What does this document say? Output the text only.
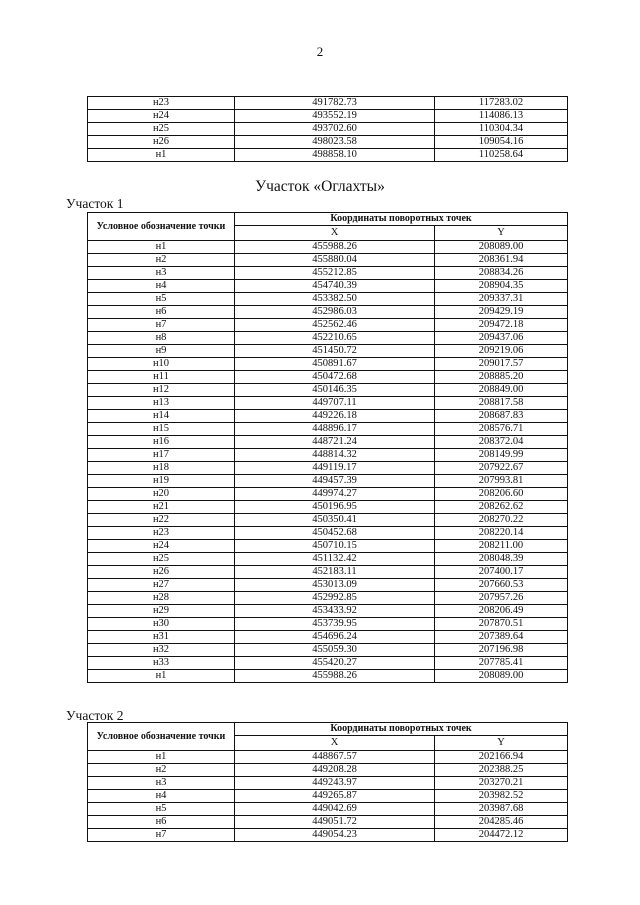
2
н23	491782.73	117283.02
н24	493552.19	114086.13
н25	493702.60	110304.34
н26	498023.58	109054.16
н1	498858.10	110258.64
Участок «Оглахты»
Участок 1
Условное обозначение точки	Координаты поворотных точек	
	X	Y
н1	455988.26	208089.00
н2	455880.04	208361.94
н3	455212.85	208834.26
н4	454740.39	208904.35
н5	453382.50	209337.31
н6	452986.03	209429.19
н7	452562.46	209472.18
н8	452210.65	209437.06
н9	451450.72	209219.06
н10	450891.67	209017.57
н11	450472.68	208885.20
н12	450146.35	208849.00
н13	449707.11	208817.58
н14	449226.18	208687.83
н15	448896.17	208576.71
н16	448721.24	208372.04
н17	448814.32	208149.99
н18	449119.17	207922.67
н19	449457.39	207993.81
н20	449974.27	208206.60
н21	450196.95	208262.62
н22	450350.41	208270.22
н23	450452.68	208220.14
н24	450710.15	208211.00
н25	451132.42	208048.39
н26	452183.11	207400.17
н27	453013.09	207660.53
н28	452992.85	207957.26
н29	453433.92	208206.49
н30	453739.95	207870.51
н31	454696.24	207389.64
н32	455059.30	207196.98
н33	455420.27	207785.41
н1	455988.26	208089.00
Участок 2
Условное обозначение точки	Координаты поворотных точек	
	X	Y
н1	448867.57	202166.94
н2	449208.28	202388.25
н3	449243.97	203270.21
н4	449265.87	203982.52
н5	449042.69	203987.68
н6	449051.72	204285.46
н7	449054.23	204472.12
